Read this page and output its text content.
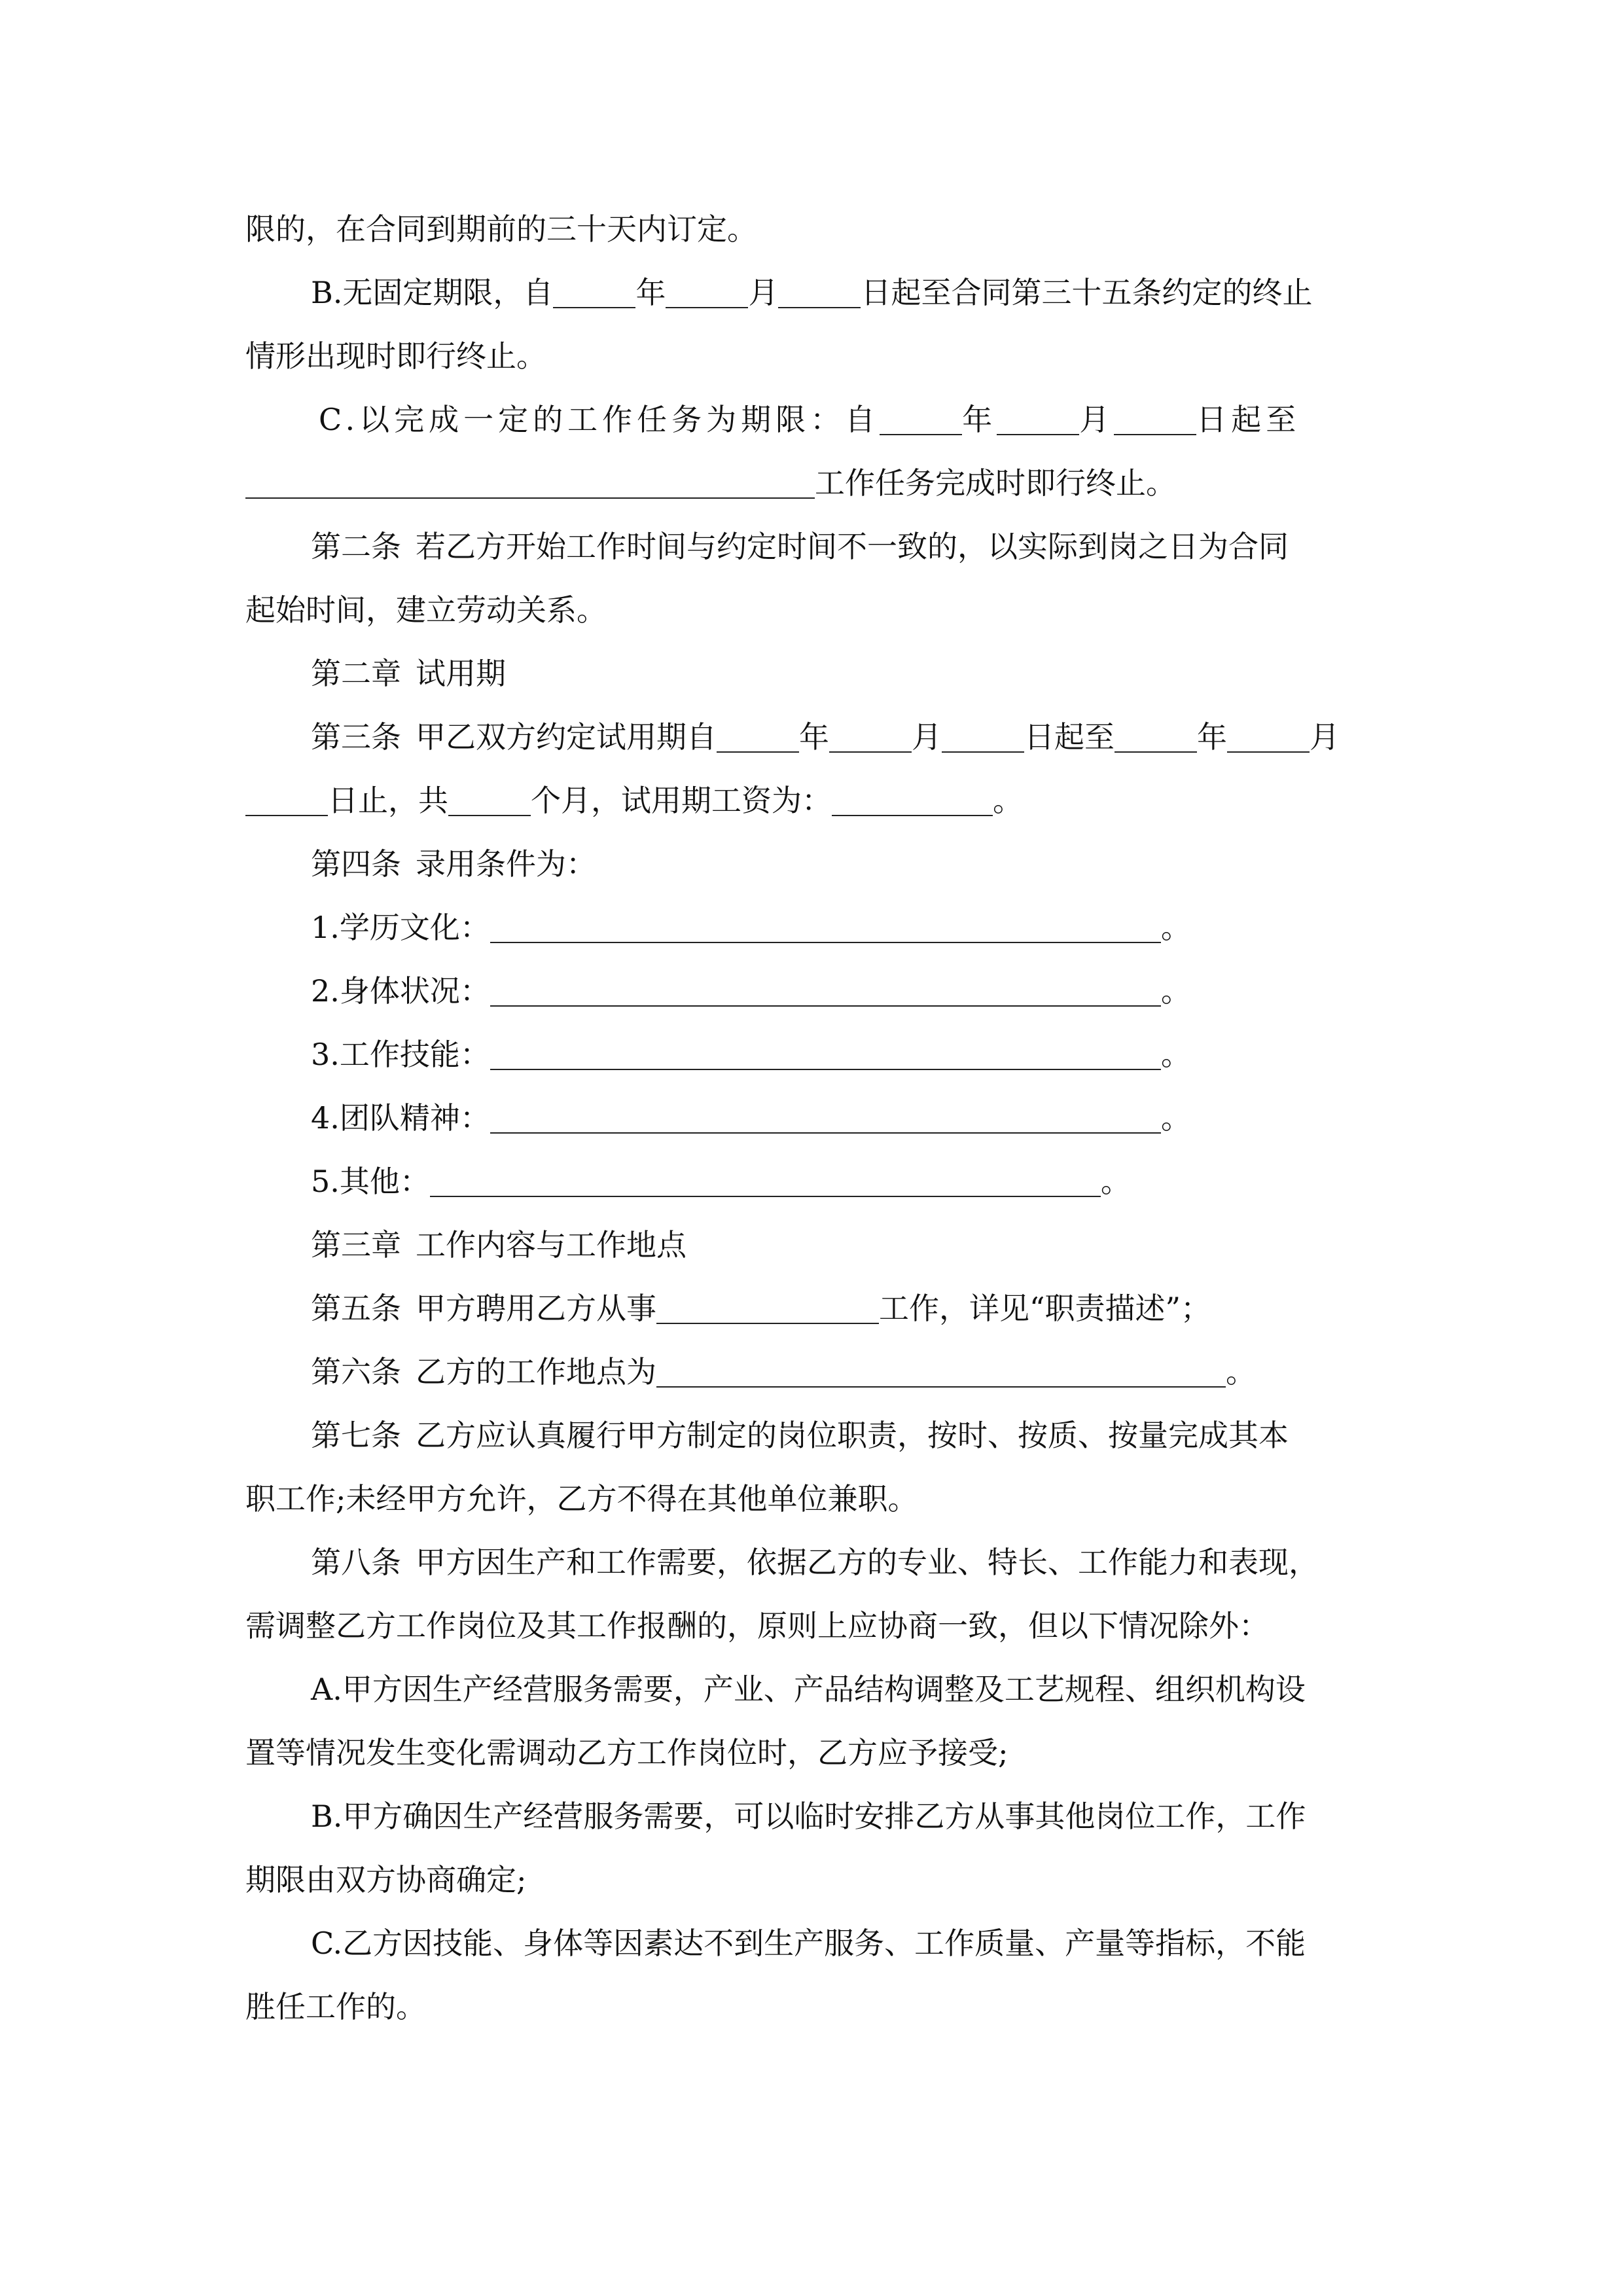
限的，在合同到期前的三十天内订定。
B.无固定期限，自	年	月	日起至合同第三十五条约定的终止
情形出现时即行终止。
C.以完成一定的工作任务为期限：自	年	月	日起至
工作任务完成时即行终止。
第二条 若乙方开始工作时间与约定时间不一致的，以实际到岗之日为合同
起始时间，建立劳动关系。
第二章 试用期
第三条 甲乙双方约定试用期自	年	月	日起至	年	月
日止，共	个月，试用期工资为：	。
第四条 录用条件为：
1.学历文化：	。
2.身体状况：	。
3.工作技能：	。
4.团队精神：	。
5.其他：	。
第三章 工作内容与工作地点
第五条 甲方聘用乙方从事	工作，详见“职责描述”；
第六条 乙方的工作地点为	。
第七条 乙方应认真履行甲方制定的岗位职责，按时、按质、按量完成其本
职工作;未经甲方允许，乙方不得在其他单位兼职。
第八条 甲方因生产和工作需要，依据乙方的专业、特长、工作能力和表现，
需调整乙方工作岗位及其工作报酬的，原则上应协商一致，但以下情况除外：
A.甲方因生产经营服务需要，产业、产品结构调整及工艺规程、组织机构设
置等情况发生变化需调动乙方工作岗位时，乙方应予接受;
B.甲方确因生产经营服务需要，可以临时安排乙方从事其他岗位工作，工作
期限由双方协商确定;
C.乙方因技能、身体等因素达不到生产服务、工作质量、产量等指标，不能
胜任工作的。
